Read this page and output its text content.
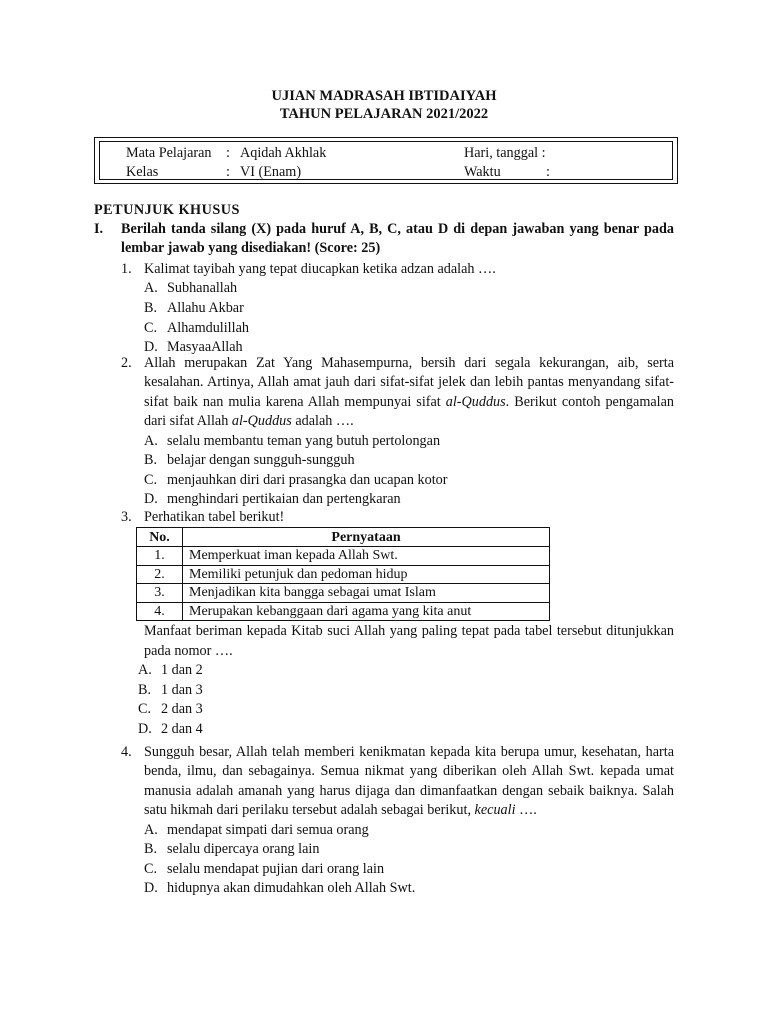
UJIAN MADRASAH IBTIDAIYAH
TAHUN PELAJARAN 2021/2022
Mata Pelajaran : Aqidah Akhlak	Hari, tanggal :
Kelas	: VI (Enam)	Waktu	:
PETUNJUK KHUSUS
I. Berilah tanda silang (X) pada huruf A, B, C, atau D di depan jawaban yang benar pada lembar jawab yang disediakan! (Score: 25)
1. Kalimat tayibah yang tepat diucapkan ketika adzan adalah ….
A. Subhanallah
B. Allahu Akbar
C. Alhamdulillah
D. MasyaaAllah
2. Allah merupakan Zat Yang Mahasempurna, bersih dari segala kekurangan, aib, serta kesalahan. Artinya, Allah amat jauh dari sifat-sifat jelek dan lebih pantas menyandang sifat-sifat baik nan mulia karena Allah mempunyai sifat al-Quddus. Berikut contoh pengamalan dari sifat Allah al-Quddus adalah ….
A. selalu membantu teman yang butuh pertolongan
B. belajar dengan sungguh-sungguh
C. menjauhkan diri dari prasangka dan ucapan kotor
D. menghindari pertikaian dan pertengkaran
3. Perhatikan tabel berikut!
No.	Pernyataan
1.	Memperkuat iman kepada Allah Swt.
2.	Memiliki petunjuk dan pedoman hidup
3.	Menjadikan kita bangga sebagai umat Islam
4.	Merupakan kebanggaan dari agama yang kita anut
Manfaat beriman kepada Kitab suci Allah yang paling tepat pada tabel tersebut ditunjukkan pada nomor ….
A. 1 dan 2
B. 1 dan 3
C. 2 dan 3
D. 2 dan 4
4. Sungguh besar, Allah telah memberi kenikmatan kepada kita berupa umur, kesehatan, harta benda, ilmu, dan sebagainya. Semua nikmat yang diberikan oleh Allah Swt. kepada umat manusia adalah amanah yang harus dijaga dan dimanfaatkan dengan sebaik baiknya. Salah satu hikmah dari perilaku tersebut adalah sebagai berikut, kecuali ….
A. mendapat simpati dari semua orang
B. selalu dipercaya orang lain
C. selalu mendapat pujian dari orang lain
D. hidupnya akan dimudahkan oleh Allah Swt.
